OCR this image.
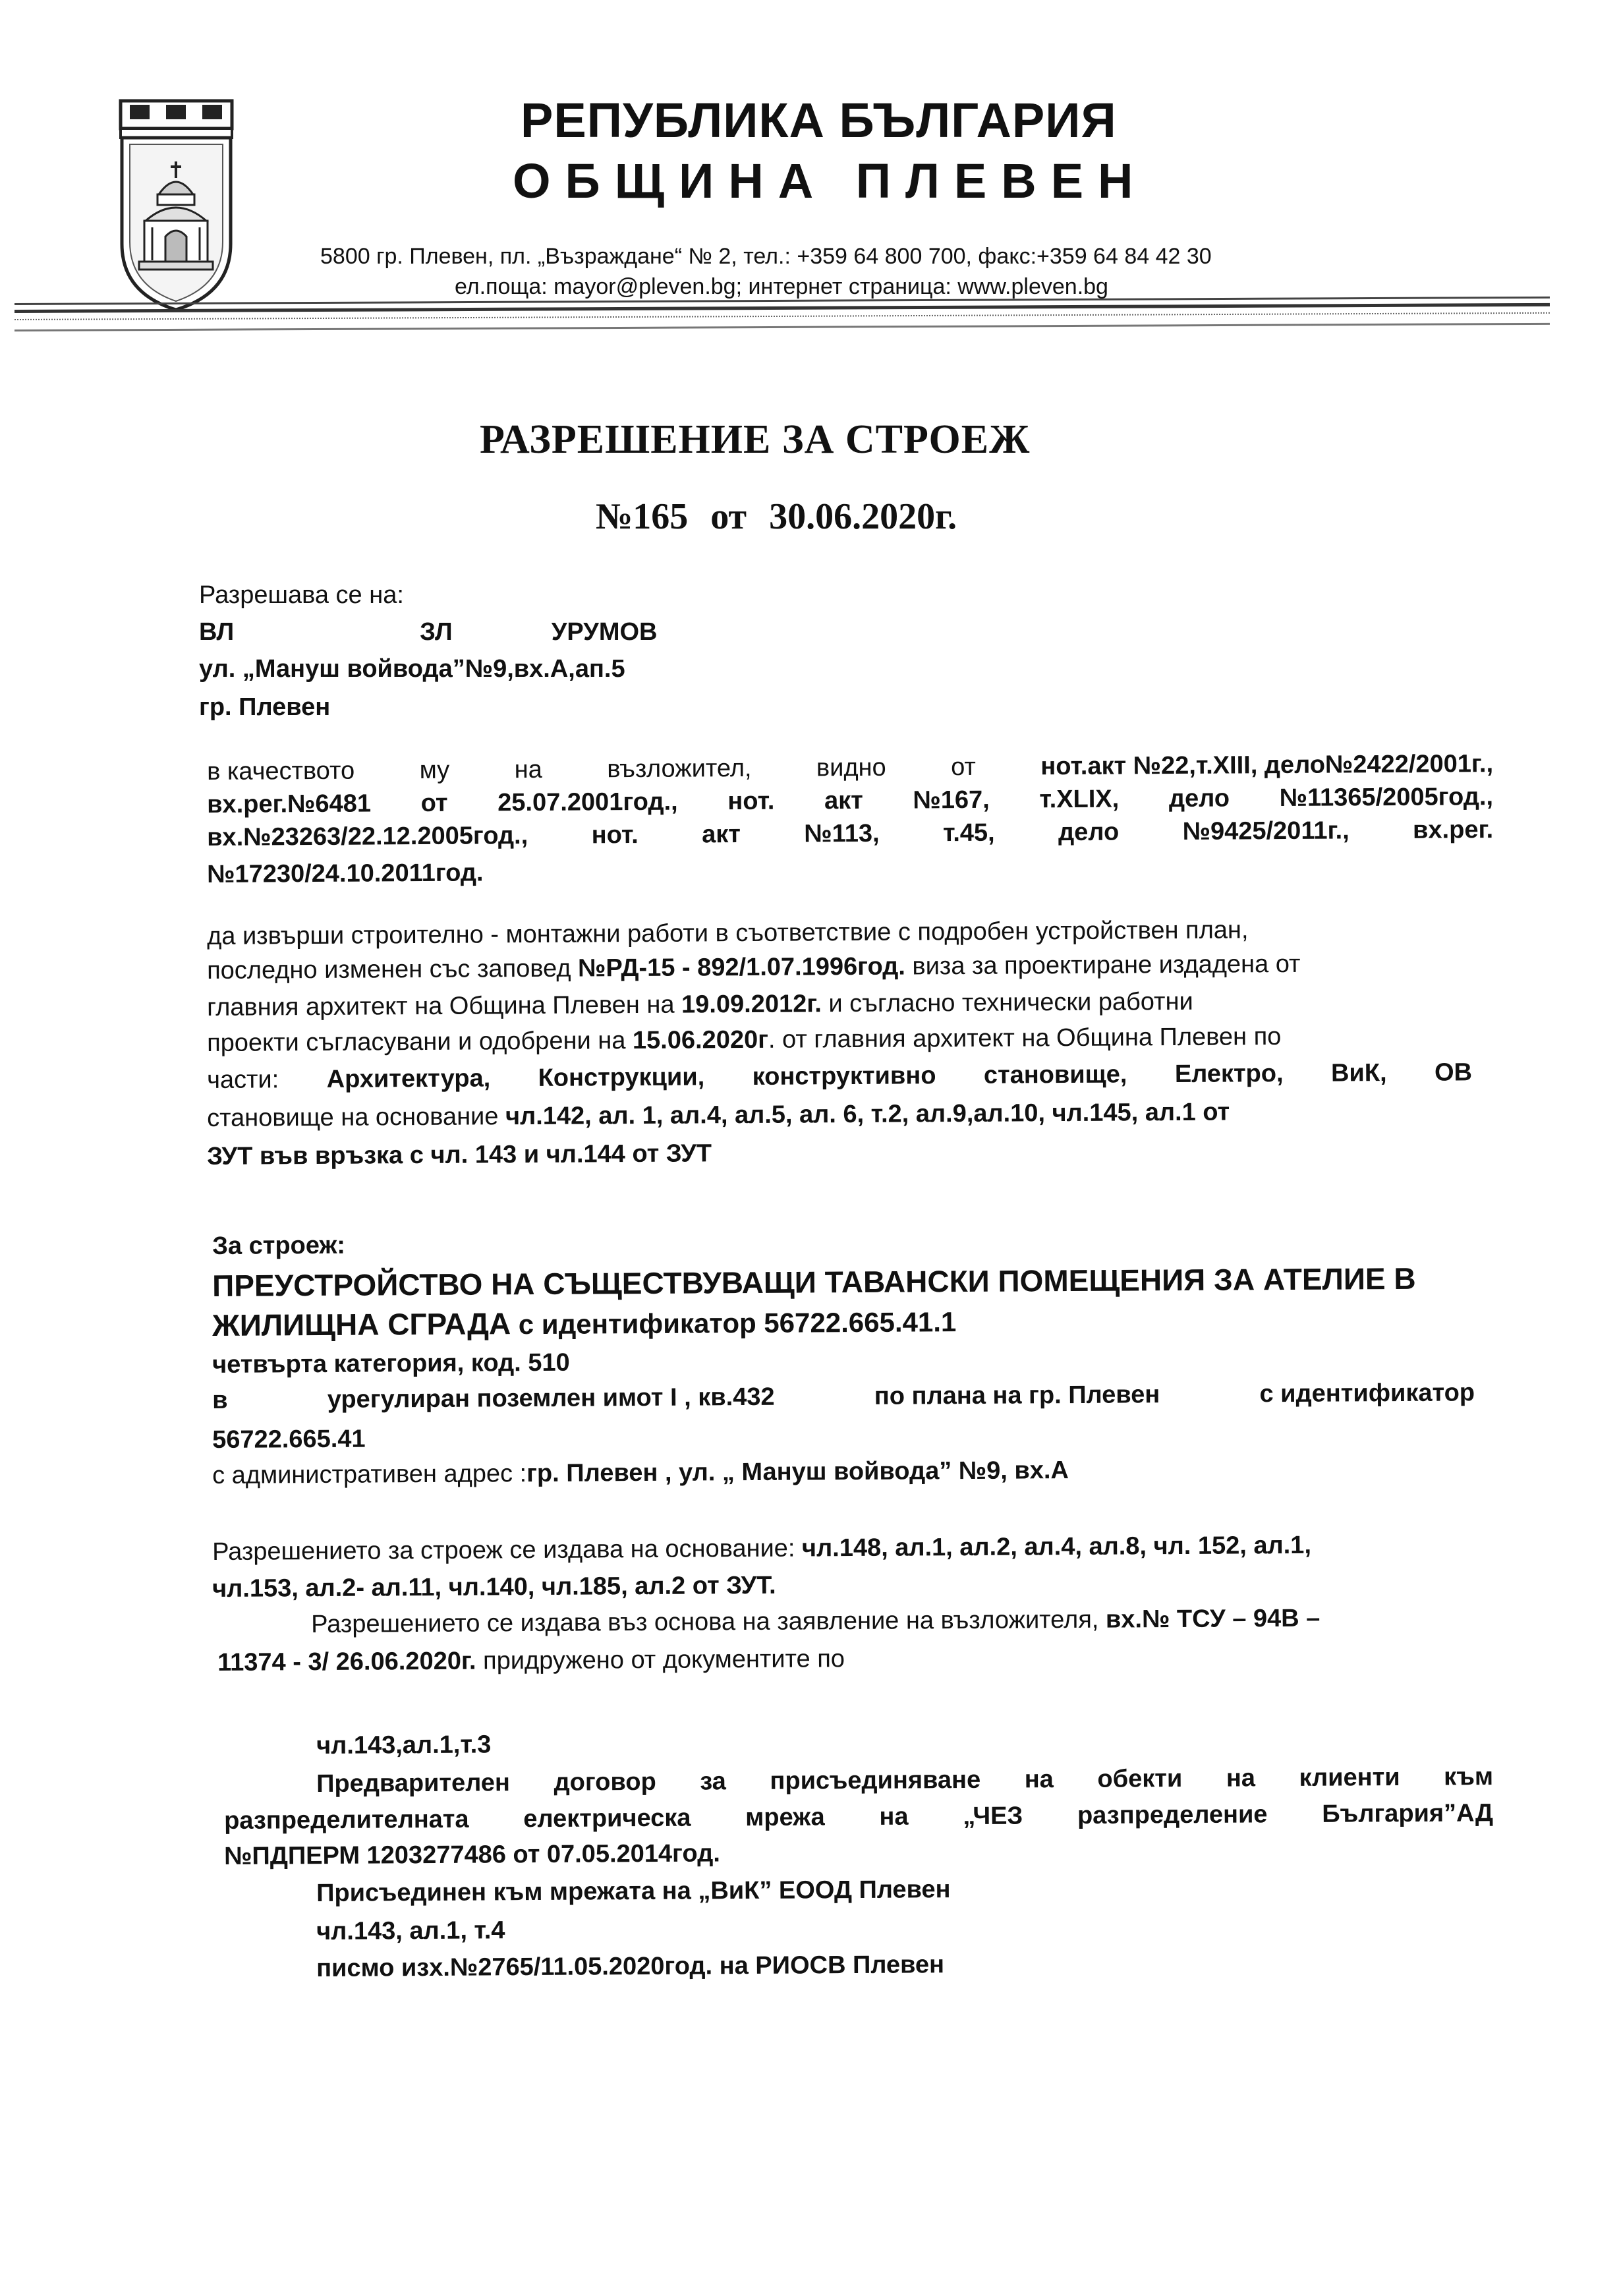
РЕПУБЛИКА БЪЛГАРИЯ
ОБЩИНА ПЛЕВЕН
5800 гр. Плевен, пл. „Възраждане“ № 2, тел.: +359 64 800 700, факс:+359 64 84 42 30
ел.поща: mayor@pleven.bg; интернет страница: www.pleven.bg
РАЗРЕШЕНИЕ ЗА СТРОЕЖ
№165 от 30.06.2020г.
Разрешава се на:
ВЛ	ЗЛ	УРУМОВ
ул. „Мануш войвода”№9,вх.А,ап.5
гр. Плевен
в качеството	му	на	възложител,	видно	от	нот.акт №22,т.XIII, дело№2422/2001г.,
вх.рег.№6481 от 25.07.2001год., нот. акт №167, т.XLIX, дело №11365/2005год.,
вх.№23263/22.12.2005год.,	нот.	акт	№113,	т.45,	дело	№9425/2011г.,	вх.рег.
№17230/24.10.2011год.
да извърши строително - монтажни работи в съответствие с подробен устройствен план,
последно изменен със заповед №РД-15 - 892/1.07.1996год. виза за проектиране издадена от
главния архитект на Община Плевен на 19.09.2012г. и съгласно технически работни
проекти съгласувани и одобрени на 15.06.2020г. от главния архитект на Община Плевен по
части: Архитектура, Конструкции, конструктивно становище, Електро, ВиК, ОВ
становище на основание чл.142, ал. 1, ал.4, ал.5, ал. 6, т.2, ал.9,ал.10, чл.145, ал.1 от
ЗУТ във връзка с чл. 143 и чл.144 от ЗУТ
За строеж:
ПРЕУСТРОЙСТВО НА СЪЩЕСТВУВАЩИ ТАВАНСКИ ПОМЕЩЕНИЯ ЗА АТЕЛИЕ В
ЖИЛИЩНА СГРАДА с идентификатор 56722.665.41.1
четвърта категория, код. 510
в	урегулиран поземлен имот I , кв.432	по плана на гр. Плевен	с идентификатор
56722.665.41
с административен адрес :гр. Плевен , ул. „ Мануш войвода” №9, вх.А
Разрешението за строеж се издава на основание: чл.148, ал.1, ал.2, ал.4, ал.8, чл. 152, ал.1,
чл.153, ал.2- ал.11, чл.140, чл.185, ал.2 от ЗУТ.
Разрешението се издава въз основа на заявление на възложителя, вх.№ ТСУ – 94В –
11374 - 3/ 26.06.2020г. придружено от документите по
чл.143,ал.1,т.3
Предварителен договор за присъединяване на обекти на клиенти към
разпределителната електрическа мрежа на „ЧЕЗ разпределение България”АД
№ПДПЕРМ 1203277486 от 07.05.2014год.
Присъединен към мрежата на „ВиК” ЕООД Плевен
чл.143, ал.1, т.4
писмо изх.№2765/11.05.2020год. на РИОСВ Плевен
